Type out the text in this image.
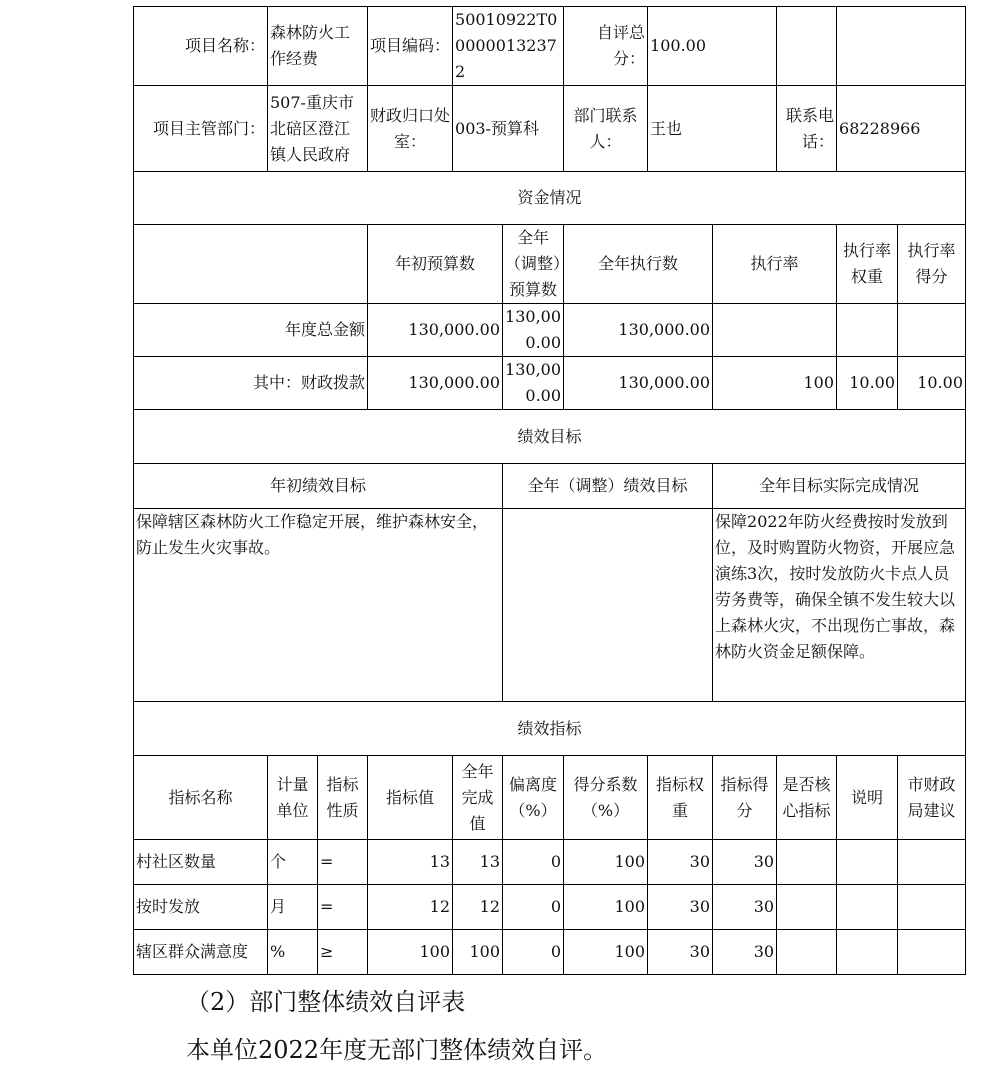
项目名称：	森林防火工作经费		项目编码：	50010922T000000132372		自评总分：	100.00				
项目主管部门：	507-重庆市北碚区澄江镇人民政府		财政归口处室：	003-预算科		部门联系人：	王也		联系电话：	68228966	
资金情况											
			年初预算数		全年（调整）预算数	全年执行数		执行率		执行率权重	执行率得分
年度总金额			130,000.00		130,000.00	130,000.00					
其中：财政拨款			130,000.00		130,000.00	130,000.00		100		10.00	10.00
绩效目标											
年初绩效目标					全年（调整）绩效目标			全年目标实际完成情况			
保障辖区森林防火工作稳定开展，维护森林安全，防止发生火灾事故。								保障2022年防火经费按时发放到位，及时购置防火物资，开展应急演练3次，按时发放防火卡点人员劳务费等，确保全镇不发生较大以上森林火灾，不出现伤亡事故，森林防火资金足额保障。			
绩效指标											
指标名称	计量单位	指标性质	指标值	全年完成值	偏离度（%）	得分系数（%）	指标权重	指标得分	是否核心指标	说明	市财政局建议
村社区数量	个	=	13	13	0	100	30	30			
按时发放	月	=	12	12	0	100	30	30			
辖区群众满意度	%	≥	100	100	0	100	30	30			
（2）部门整体绩效自评表
本单位2022年度无部门整体绩效自评。
